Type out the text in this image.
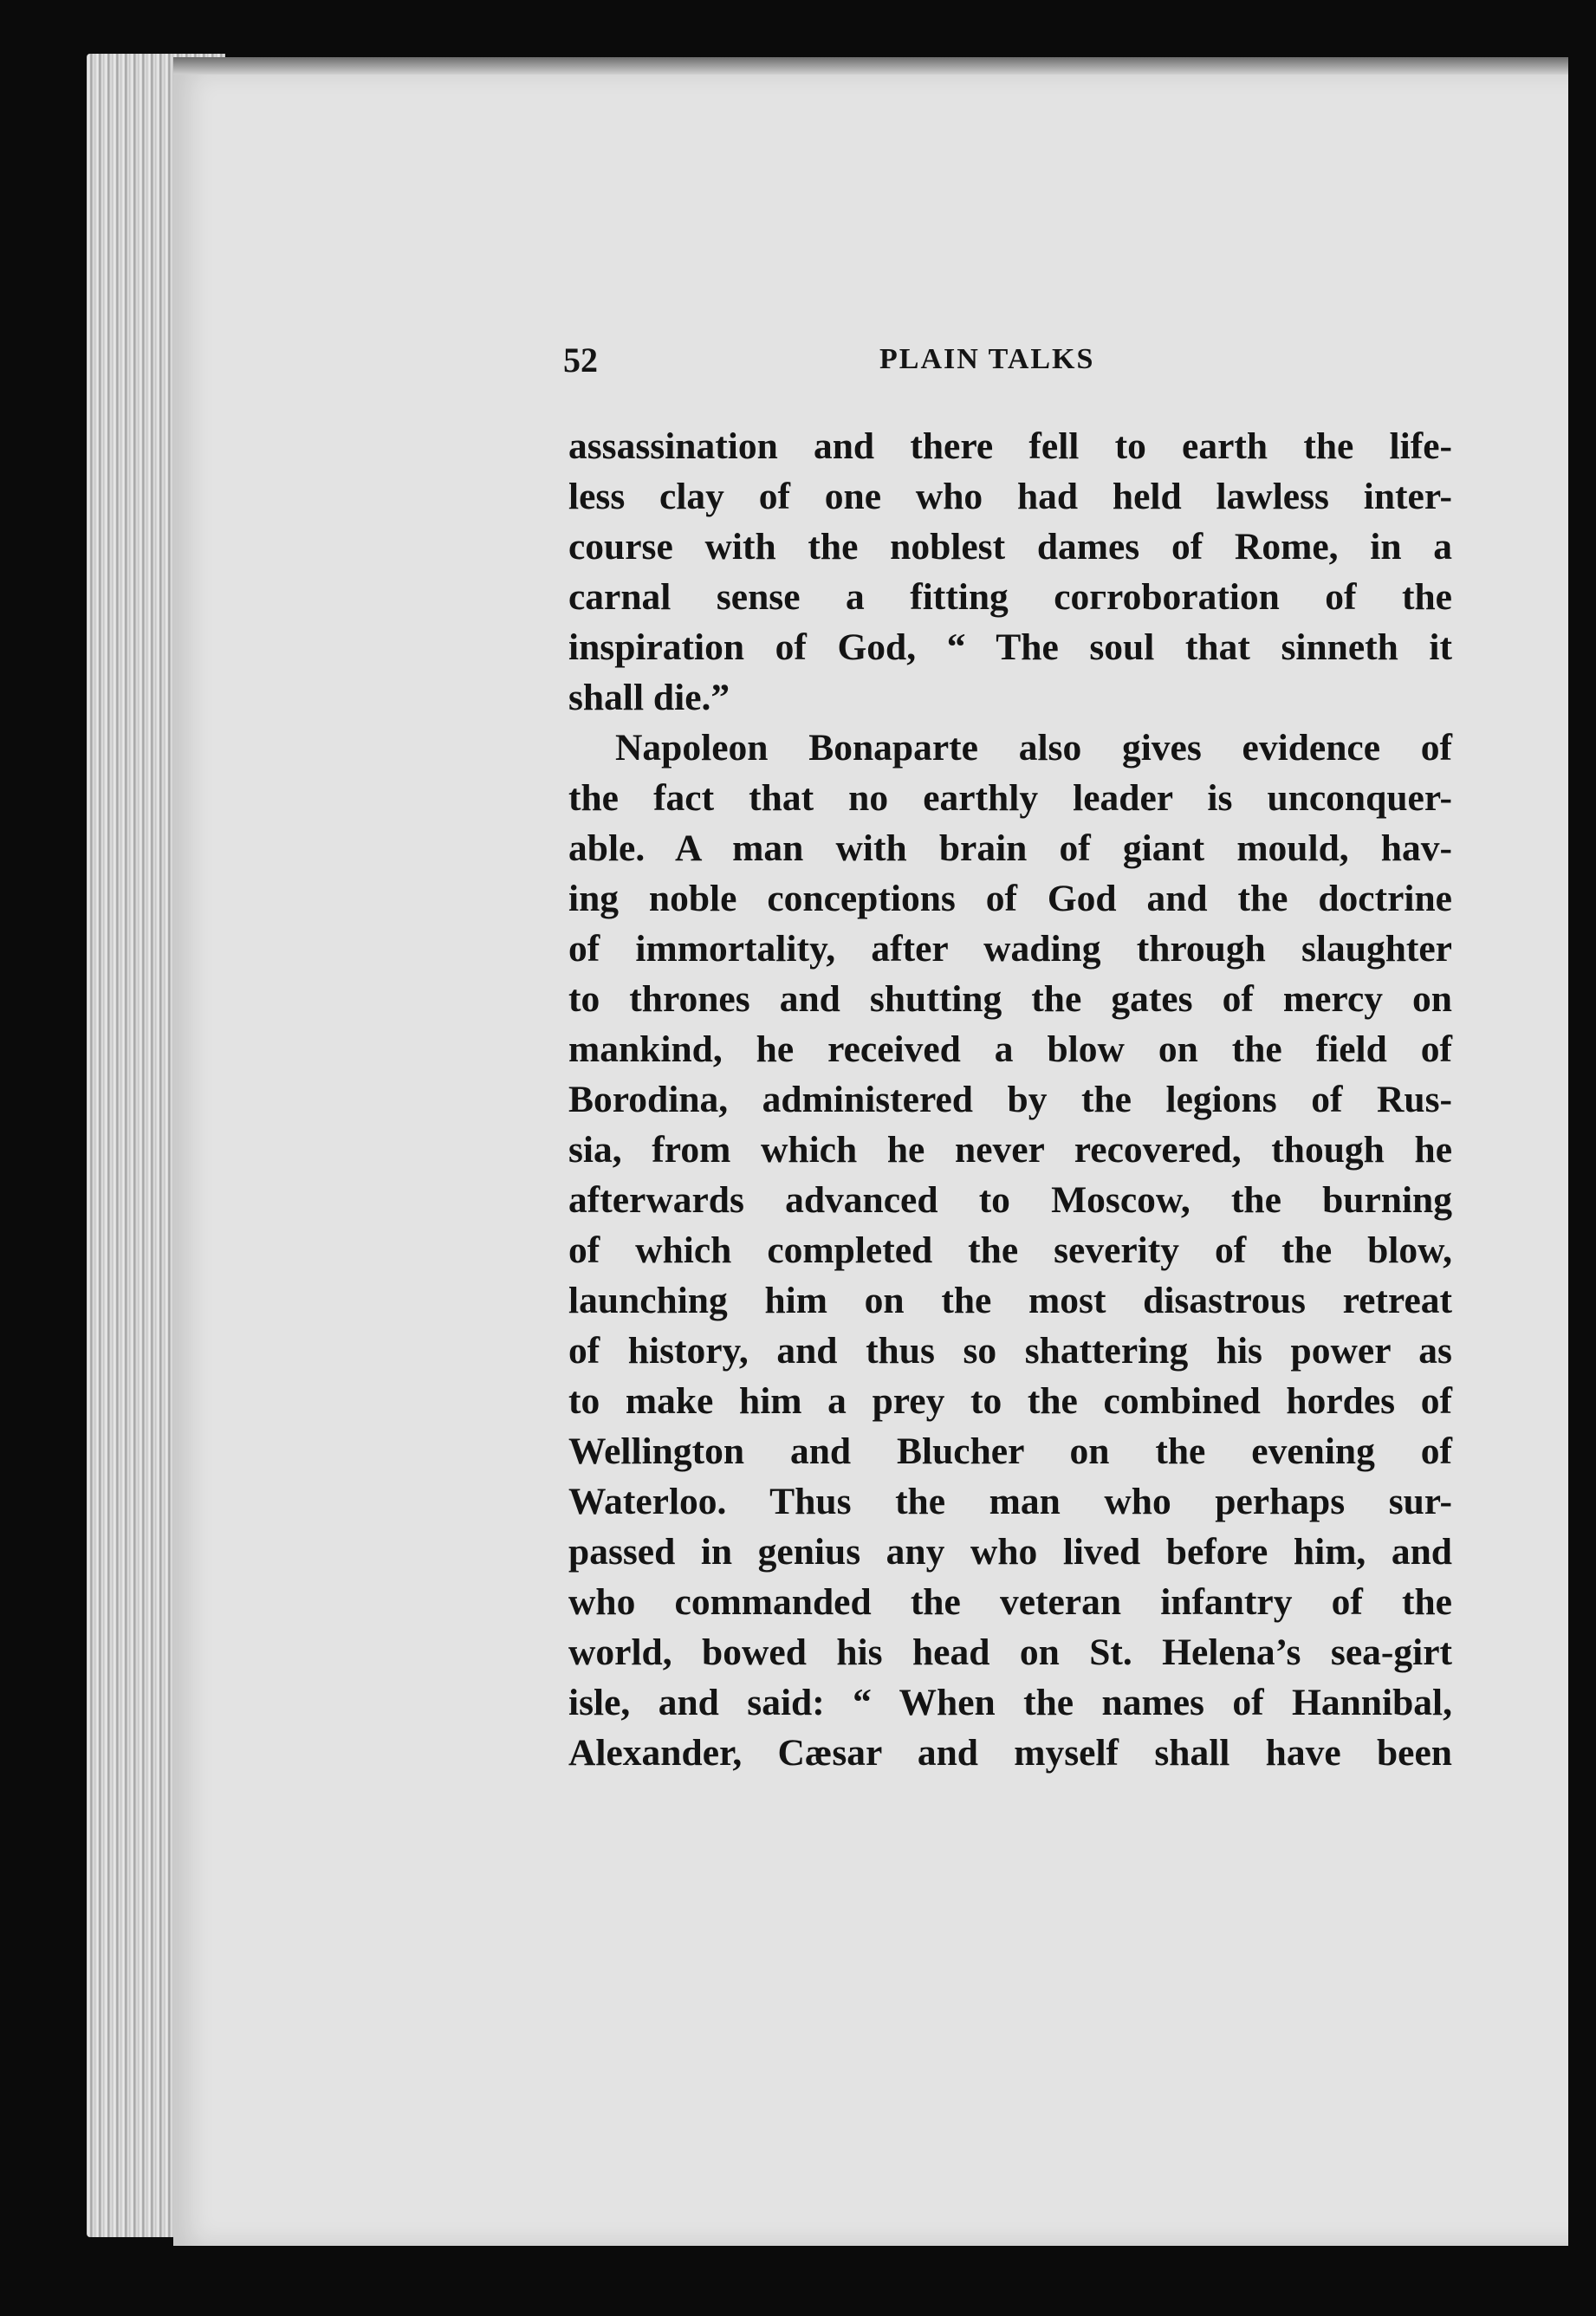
52	PLAIN TALKS
assassination and there fell to earth the life-
less clay of one who had held lawless inter-
course with the noblest dames of Rome, in a
carnal sense a fitting coгroboration of the
inspiration of God, “ The soul that sinneth it
shall die.”
Napoleon Bonaparte also gives evidence of
the fact that no earthly leader is unconquer-
able. A man with brain of giant mould, hav-
ing noble conceptions of God and the doctrine
of immortality, after wading through slaughter
to thrones and shutting the gates of mercy on
mankind, he received a blow on the field of
Borodina, administered by the legions of Rus-
sia, from which he never recovered, though he
afterwards advanced to Moscow, the burning
of which completed the severity of the blow,
launching him on the most disastrous retreat
of history, and thus so shattering his power as
to make him a prey to the combined hordes of
Wellington and Blucher on the evening of
Waterloo. Thus the man who perhaps sur-
passed in genius any who lived before him, and
who commanded the veteran infantry of the
world, bowed his head on St. Helena’s sea-girt
isle, and said: “ When the names of Hannibal,
Alexander, Cæsar and myself shall have been
